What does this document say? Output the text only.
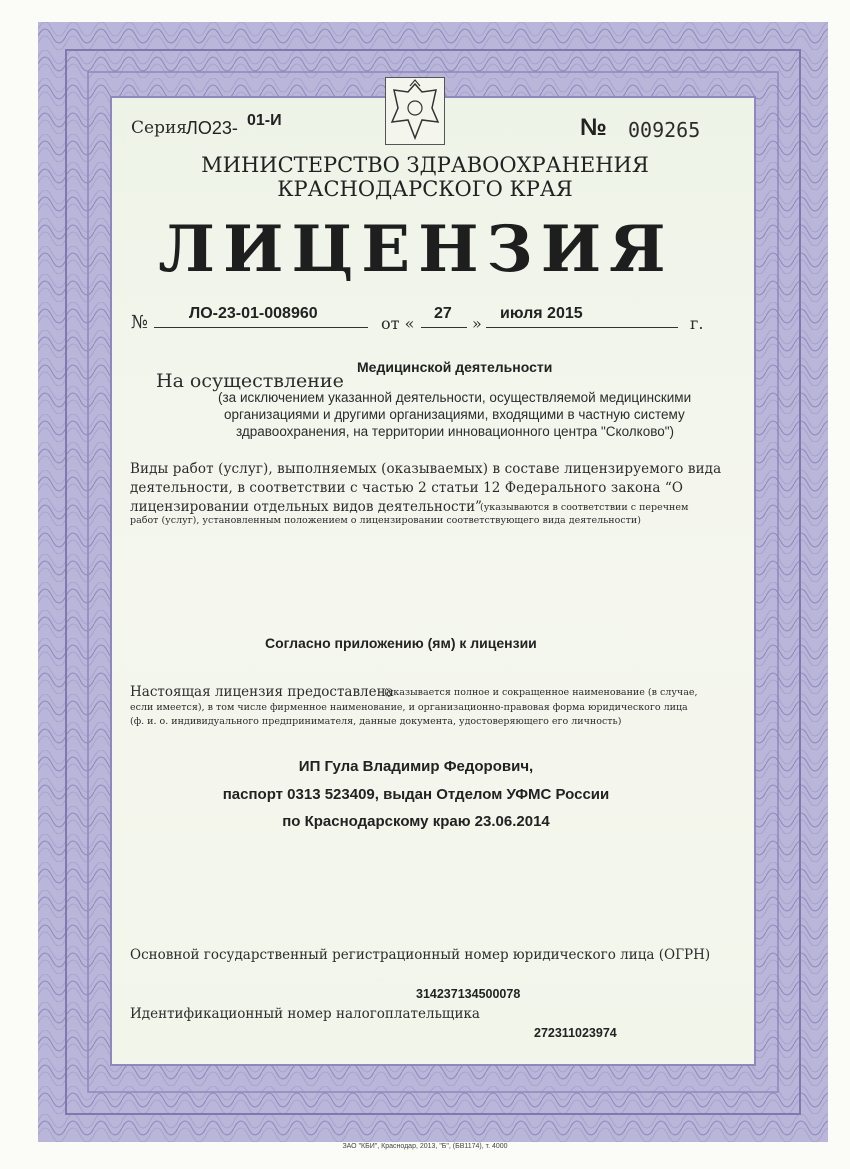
Серия
ЛО23- 01-И	№ 009265
МИНИСТЕРСТВО ЗДРАВООХРАНЕНИЯ
КРАСНОДАРСКОГО КРАЯ
ЛИЦЕНЗИЯ
№	ЛО-23-01-008960
от «
27
»
июля 2015
г.
Медицинской деятельности
На осуществление
(за исключением указанной деятельности, осуществляемой медицинскими
организациями и другими организациями, входящими в частную систему
здравоохранения, на территории инновационного центра "Сколково")
Виды работ (услуг), выполняемых (оказываемых) в составе лицензируемого вида
деятельности, в соответствии с частью 2 статьи 12 Федерального закона “О
лицензировании отдельных видов деятельности”
(указываются в соответствии с перечнем
работ (услуг), установленным положением о лицензировании соответствующего вида деятельности)
Согласно приложению (ям) к лицензии
Настоящая лицензия предоставлена
(указывается полное и сокращенное наименование (в случае,
если имеется), в том числе фирменное наименование, и организационно-правовая форма юридического лица
(ф. и. о. индивидуального предпринимателя, данные документа, удостоверяющего его личность)
ИП Гула Владимир Федорович,
паспорт 0313 523409, выдан Отделом УФМС России
по Краснодарскому краю 23.06.2014
Основной государственный регистрационный номер юридического лица (ОГРН)
314237134500078
Идентификационный номер налогоплательщика
272311023974
ЗАО "КБИ", Краснодар, 2013, "Б", (БВ1174), т. 4000
